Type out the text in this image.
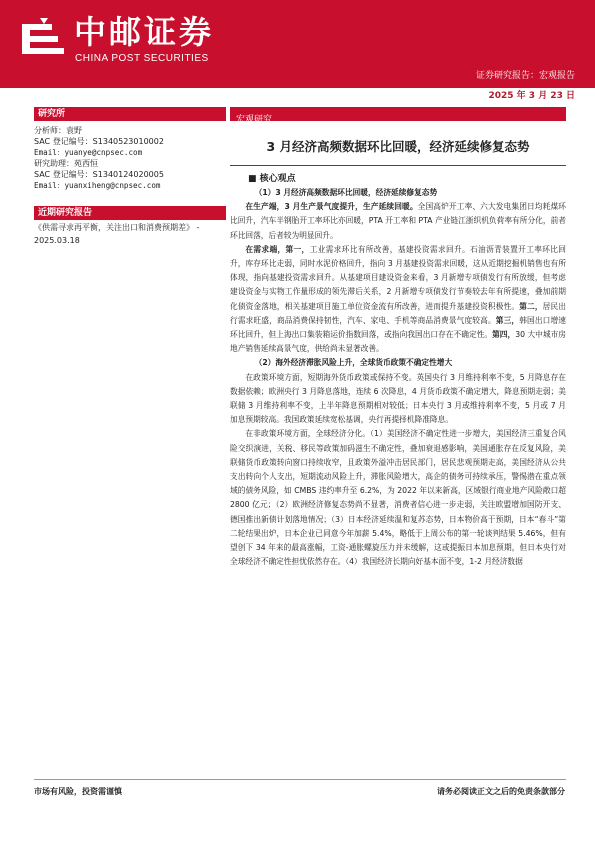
中邮证券
CHINA POST SECURITIES
证券研究报告：宏观报告
2025 年 3 月 23 日
研究所
分析师：袁野
SAC 登记编号：S1340523010002
Email：yuanye@cnpsec.com
研究助理：苑西恒
SAC 登记编号：S1340124020005
Email：yuanxiheng@cnpsec.com
近期研究报告
《供需寻求再平衡，关注出口和消费预期差》 - 2025.03.18
宏观研究
3 月经济高频数据环比回暖，经济延续修复态势
■ 核心观点

（1）3 月经济高频数据环比回暖，经济延续修复态势

在生产端，3 月生产景气度提升，生产延续回暖。全国高炉开工率、六大发电集团日均耗煤环比回升，汽车半钢胎开工率环比亦回暖，PTA 开工率和 PTA 产业链江浙织机负荷率有所分化，前者环比回落，后者较为明显回升。

在需求端，第一，工业需求环比有所改善，基建投资需求回升。石油沥青装置开工率环比回升，库存环比走弱，同时水泥价格回升，指向 3 月基建投资需求回暖，这从近期挖掘机销售也有所体现，指向基建投资需求回升。从基建项目建设资金来看，3 月新增专项债发行有所放缓，但考虑建设资金与实物工作量形成的领先滞后关系，2 月新增专项债发行节奏较去年有所提速，叠加前期化债资金落地，相关基建项目施工单位资金流有所改善，进而提升基建投资积极性。第二，居民出行需求旺盛，商品消费保持韧性，汽车、家电、手机等商品消费景气度较高。第三，韩国出口增速环比回升，但上海出口集装箱运价指数回落，或指向我国出口存在不确定性。第四，30 大中城市房地产销售延续高景气度，供给尚未显著改善。

（2）海外经济滞胀风险上升，全球货币政策不确定性增大

在政策环境方面，短期海外货币政策或保持不变。英国央行 3 月维持利率不变，5 月降息存在数据依赖；欧洲央行 3 月降息落地，连续 6 次降息，4 月货币政策不确定增大，降息预期走弱；美联储 3 月维持利率不变，上半年降息预期相对较低；日本央行 3 月或维持利率不变，5 月或 7 月加息预期较高。我国政策延续宽松基调，央行再提择机降准降息。

在非政策环境方面，全球经济分化。（1）美国经济不确定性进一步增大，美国经济三重复合风险交织演进，关税、移民等政策加码滋生不确定性，叠加衰退感影响，美国通胀存在反复风险，美联储货币政策转向窗口持续收窄，且政策外溢冲击居民部门，居民悲观预期走高，美国经济从公共支出转向个人支出，短期流动风险上升，滞胀风险增大，高企的债务可持续承压，警惕潜在重点领域的债务风险，如 CMBS 违约率升至 6.2%，为 2022 年以来新高，区域银行商业地产风险敞口超 2800 亿元；（2）欧洲经济修复态势尚不显著，消费者信心进一步走弱，关注欧盟增加国防开支、德国推出新债计划落地情况；（3）日本经济延续温和复苏态势，日本物价高于预期，日本“春斗”第二轮结果出炉，日本企业已同意今年加薪 5.4%，略低于上周公布的第一轮谈判结果 5.46%，但有望创下 34 年来的最高涨幅，工资-通胀螺旋压力并未缓解，这或提振日本加息预期，但日本央行对全球经济不确定性担忧依然存在。（4）我国经济长期向好基本面不变，1-2 月经济数据

市场有风险，投资需谨慎	请务必阅读正文之后的免责条款部分
